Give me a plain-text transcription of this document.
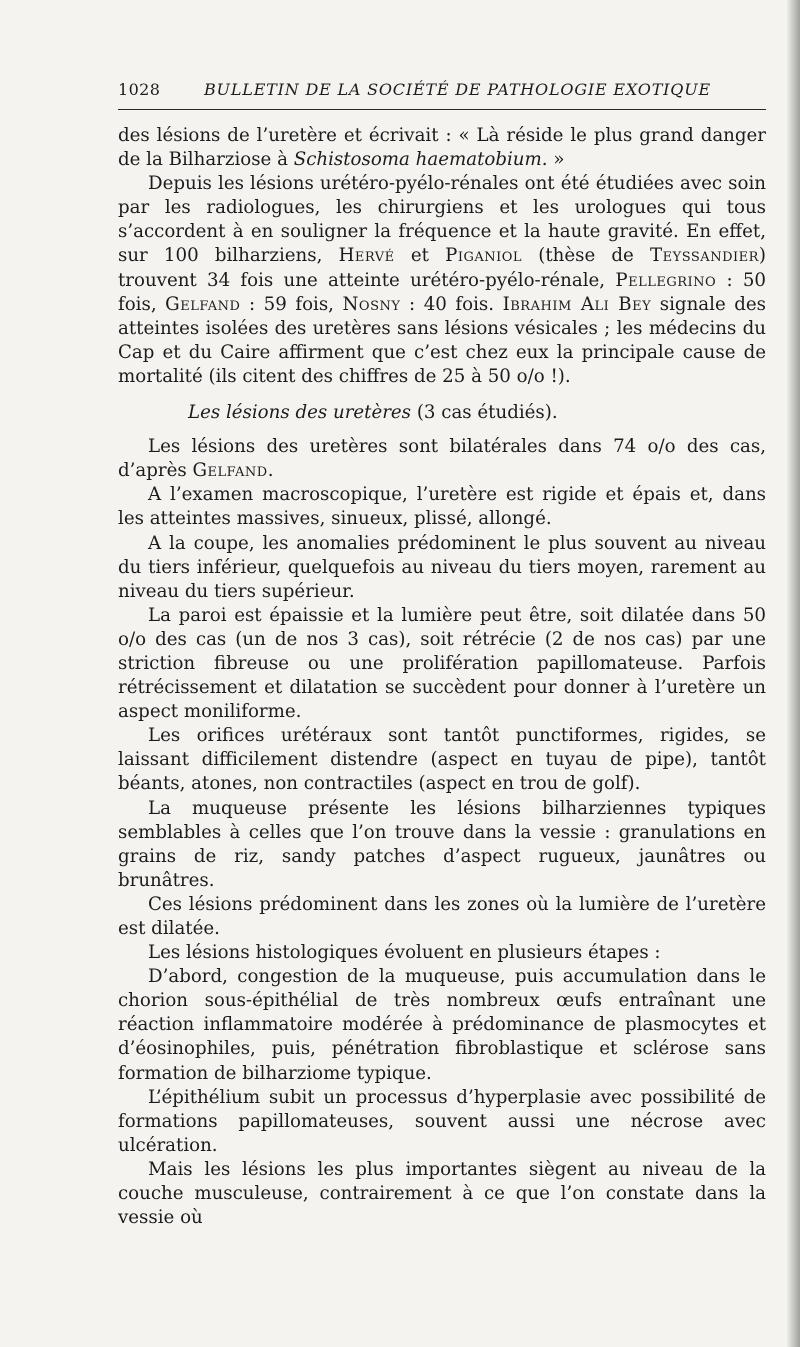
1028	BULLETIN DE LA SOCIÉTÉ DE PATHOLOGIE EXOTIQUE

des lésions de l’uretère et écrivait : « Là réside le plus grand danger de la Bilharziose à Schistosoma haematobium. »

Depuis les lésions urétéro-pyélo-rénales ont été étudiées avec soin par les radiologues, les chirurgiens et les urologues qui tous s’accordent à en souligner la fréquence et la haute gravité. En effet, sur 100 bilharziens, Hervé et Piganiol (thèse de Teyssandier) trouvent 34 fois une atteinte urétéro-pyélo-rénale, Pellegrino : 50 fois, Gelfand : 59 fois, Nosny : 40 fois. Ibrahim Ali Bey signale des atteintes isolées des uretères sans lésions vésicales ; les médecins du Cap et du Caire affirment que c’est chez eux la principale cause de mortalité (ils citent des chiffres de 25 à 50 o/o !).

Les lésions des uretères (3 cas étudiés).

Les lésions des uretères sont bilatérales dans 74 o/o des cas, d’après Gelfand.

A l’examen macroscopique, l’uretère est rigide et épais et, dans les atteintes massives, sinueux, plissé, allongé.

A la coupe, les anomalies prédominent le plus souvent au niveau du tiers inférieur, quelquefois au niveau du tiers moyen, rarement au niveau du tiers supérieur.

La paroi est épaissie et la lumière peut être, soit dilatée dans 50 o/o des cas (un de nos 3 cas), soit rétrécie (2 de nos cas) par une striction fibreuse ou une prolifération papillomateuse. Parfois rétrécissement et dilatation se succèdent pour donner à l’uretère un aspect moniliforme.

Les orifices urétéraux sont tantôt punctiformes, rigides, se laissant difficilement distendre (aspect en tuyau de pipe), tantôt béants, atones, non contractiles (aspect en trou de golf).

La muqueuse présente les lésions bilharziennes typiques semblables à celles que l’on trouve dans la vessie : granulations en grains de riz, sandy patches d’aspect rugueux, jaunâtres ou brunâtres.

Ces lésions prédominent dans les zones où la lumière de l’uretère est dilatée.

Les lésions histologiques évoluent en plusieurs étapes :

D’abord, congestion de la muqueuse, puis accumulation dans le chorion sous-épithélial de très nombreux œufs entraînant une réaction inflammatoire modérée à prédominance de plasmocytes et d’éosinophiles, puis, pénétration fibroblastique et sclérose sans formation de bilharziome typique.

L’épithélium subit un processus d’hyperplasie avec possibilité de formations papillomateuses, souvent aussi une nécrose avec ulcération.

Mais les lésions les plus importantes siègent au niveau de la couche musculeuse, contrairement à ce que l’on constate dans la vessie où
